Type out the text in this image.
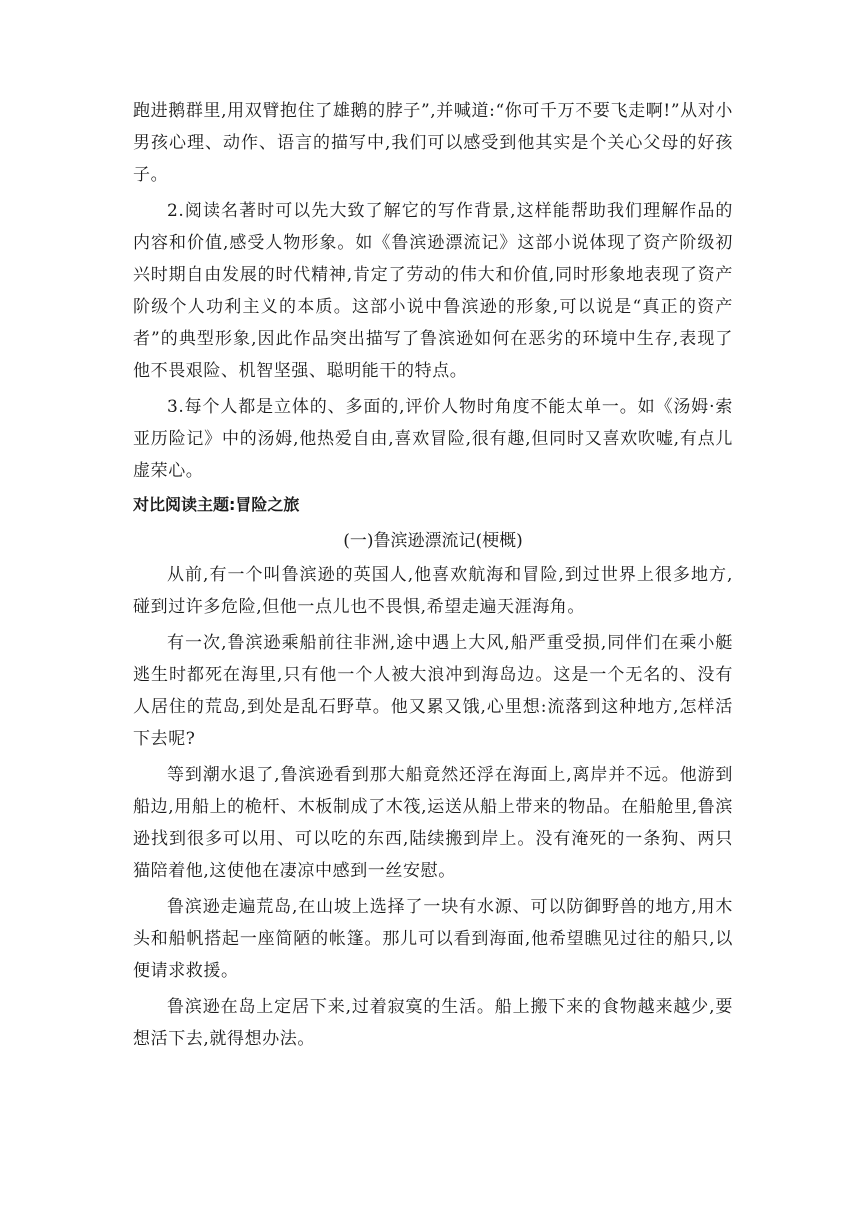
跑进鹅群里,用双臂抱住了雄鹅的脖子”,并喊道:“你可千万不要飞走啊!”从对小男孩心理、动作、语言的描写中,我们可以感受到他其实是个关心父母的好孩子。

2.阅读名著时可以先大致了解它的写作背景,这样能帮助我们理解作品的内容和价值,感受人物形象。如《鲁滨逊漂流记》这部小说体现了资产阶级初兴时期自由发展的时代精神,肯定了劳动的伟大和价值,同时形象地表现了资产阶级个人功利主义的本质。这部小说中鲁滨逊的形象,可以说是“真正的资产者”的典型形象,因此作品突出描写了鲁滨逊如何在恶劣的环境中生存,表现了他不畏艰险、机智坚强、聪明能干的特点。

3.每个人都是立体的、多面的,评价人物时角度不能太单一。如《汤姆·索亚历险记》中的汤姆,他热爱自由,喜欢冒险,很有趣,但同时又喜欢吹嘘,有点儿虚荣心。

对比阅读主题:冒险之旅
(一)鲁滨逊漂流记(梗概)

从前,有一个叫鲁滨逊的英国人,他喜欢航海和冒险,到过世界上很多地方,碰到过许多危险,但他一点儿也不畏惧,希望走遍天涯海角。

有一次,鲁滨逊乘船前往非洲,途中遇上大风,船严重受损,同伴们在乘小艇逃生时都死在海里,只有他一个人被大浪冲到海岛边。这是一个无名的、没有人居住的荒岛,到处是乱石野草。他又累又饿,心里想:流落到这种地方,怎样活下去呢?

等到潮水退了,鲁滨逊看到那大船竟然还浮在海面上,离岸并不远。他游到船边,用船上的桅杆、木板制成了木筏,运送从船上带来的物品。在船舱里,鲁滨逊找到很多可以用、可以吃的东西,陆续搬到岸上。没有淹死的一条狗、两只猫陪着他,这使他在凄凉中感到一丝安慰。

鲁滨逊走遍荒岛,在山坡上选择了一块有水源、可以防御野兽的地方,用木头和船帆搭起一座简陋的帐篷。那儿可以看到海面,他希望瞧见过往的船只,以便请求救援。

鲁滨逊在岛上定居下来,过着寂寞的生活。船上搬下来的食物越来越少,要想活下去,就得想办法。
